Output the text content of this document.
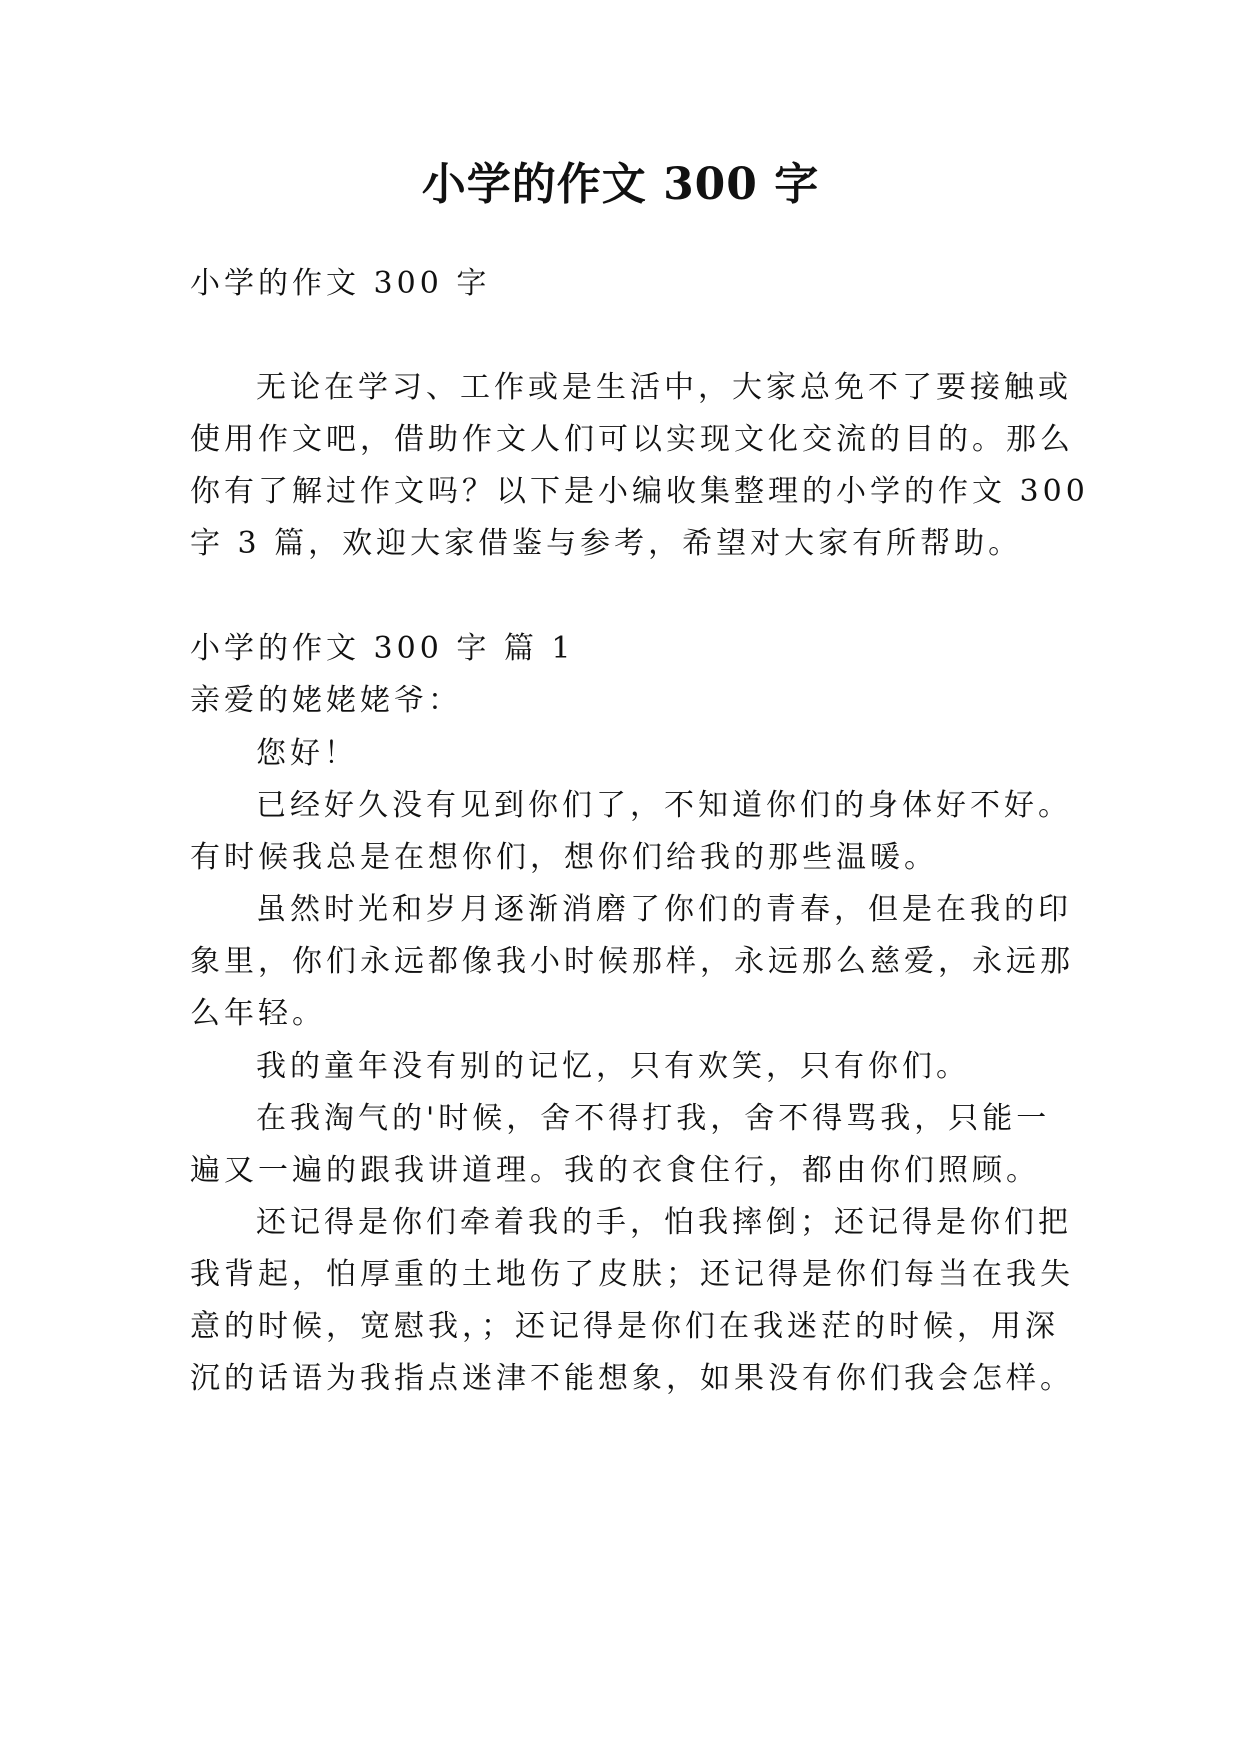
小学的作文 300 字
小学的作文 300 字
无论在学习、工作或是生活中，大家总免不了要接触或
使用作文吧，借助作文人们可以实现文化交流的目的。那么
你有了解过作文吗？以下是小编收集整理的小学的作文 300
字 3 篇，欢迎大家借鉴与参考，希望对大家有所帮助。
小学的作文 300 字 篇 1
亲爱的姥姥姥爷：
您好！
已经好久没有见到你们了，不知道你们的身体好不好。
有时候我总是在想你们，想你们给我的那些温暖。
虽然时光和岁月逐渐消磨了你们的青春，但是在我的印
象里，你们永远都像我小时候那样，永远那么慈爱，永远那
么年轻。
我的童年没有别的记忆，只有欢笑，只有你们。
在我淘气的'时候，舍不得打我，舍不得骂我，只能一
遍又一遍的跟我讲道理。我的衣食住行，都由你们照顾。
还记得是你们牵着我的手，怕我摔倒；还记得是你们把
我背起，怕厚重的土地伤了皮肤；还记得是你们每当在我失
意的时候，宽慰我，；还记得是你们在我迷茫的时候，用深
沉的话语为我指点迷津不能想象，如果没有你们我会怎样。
